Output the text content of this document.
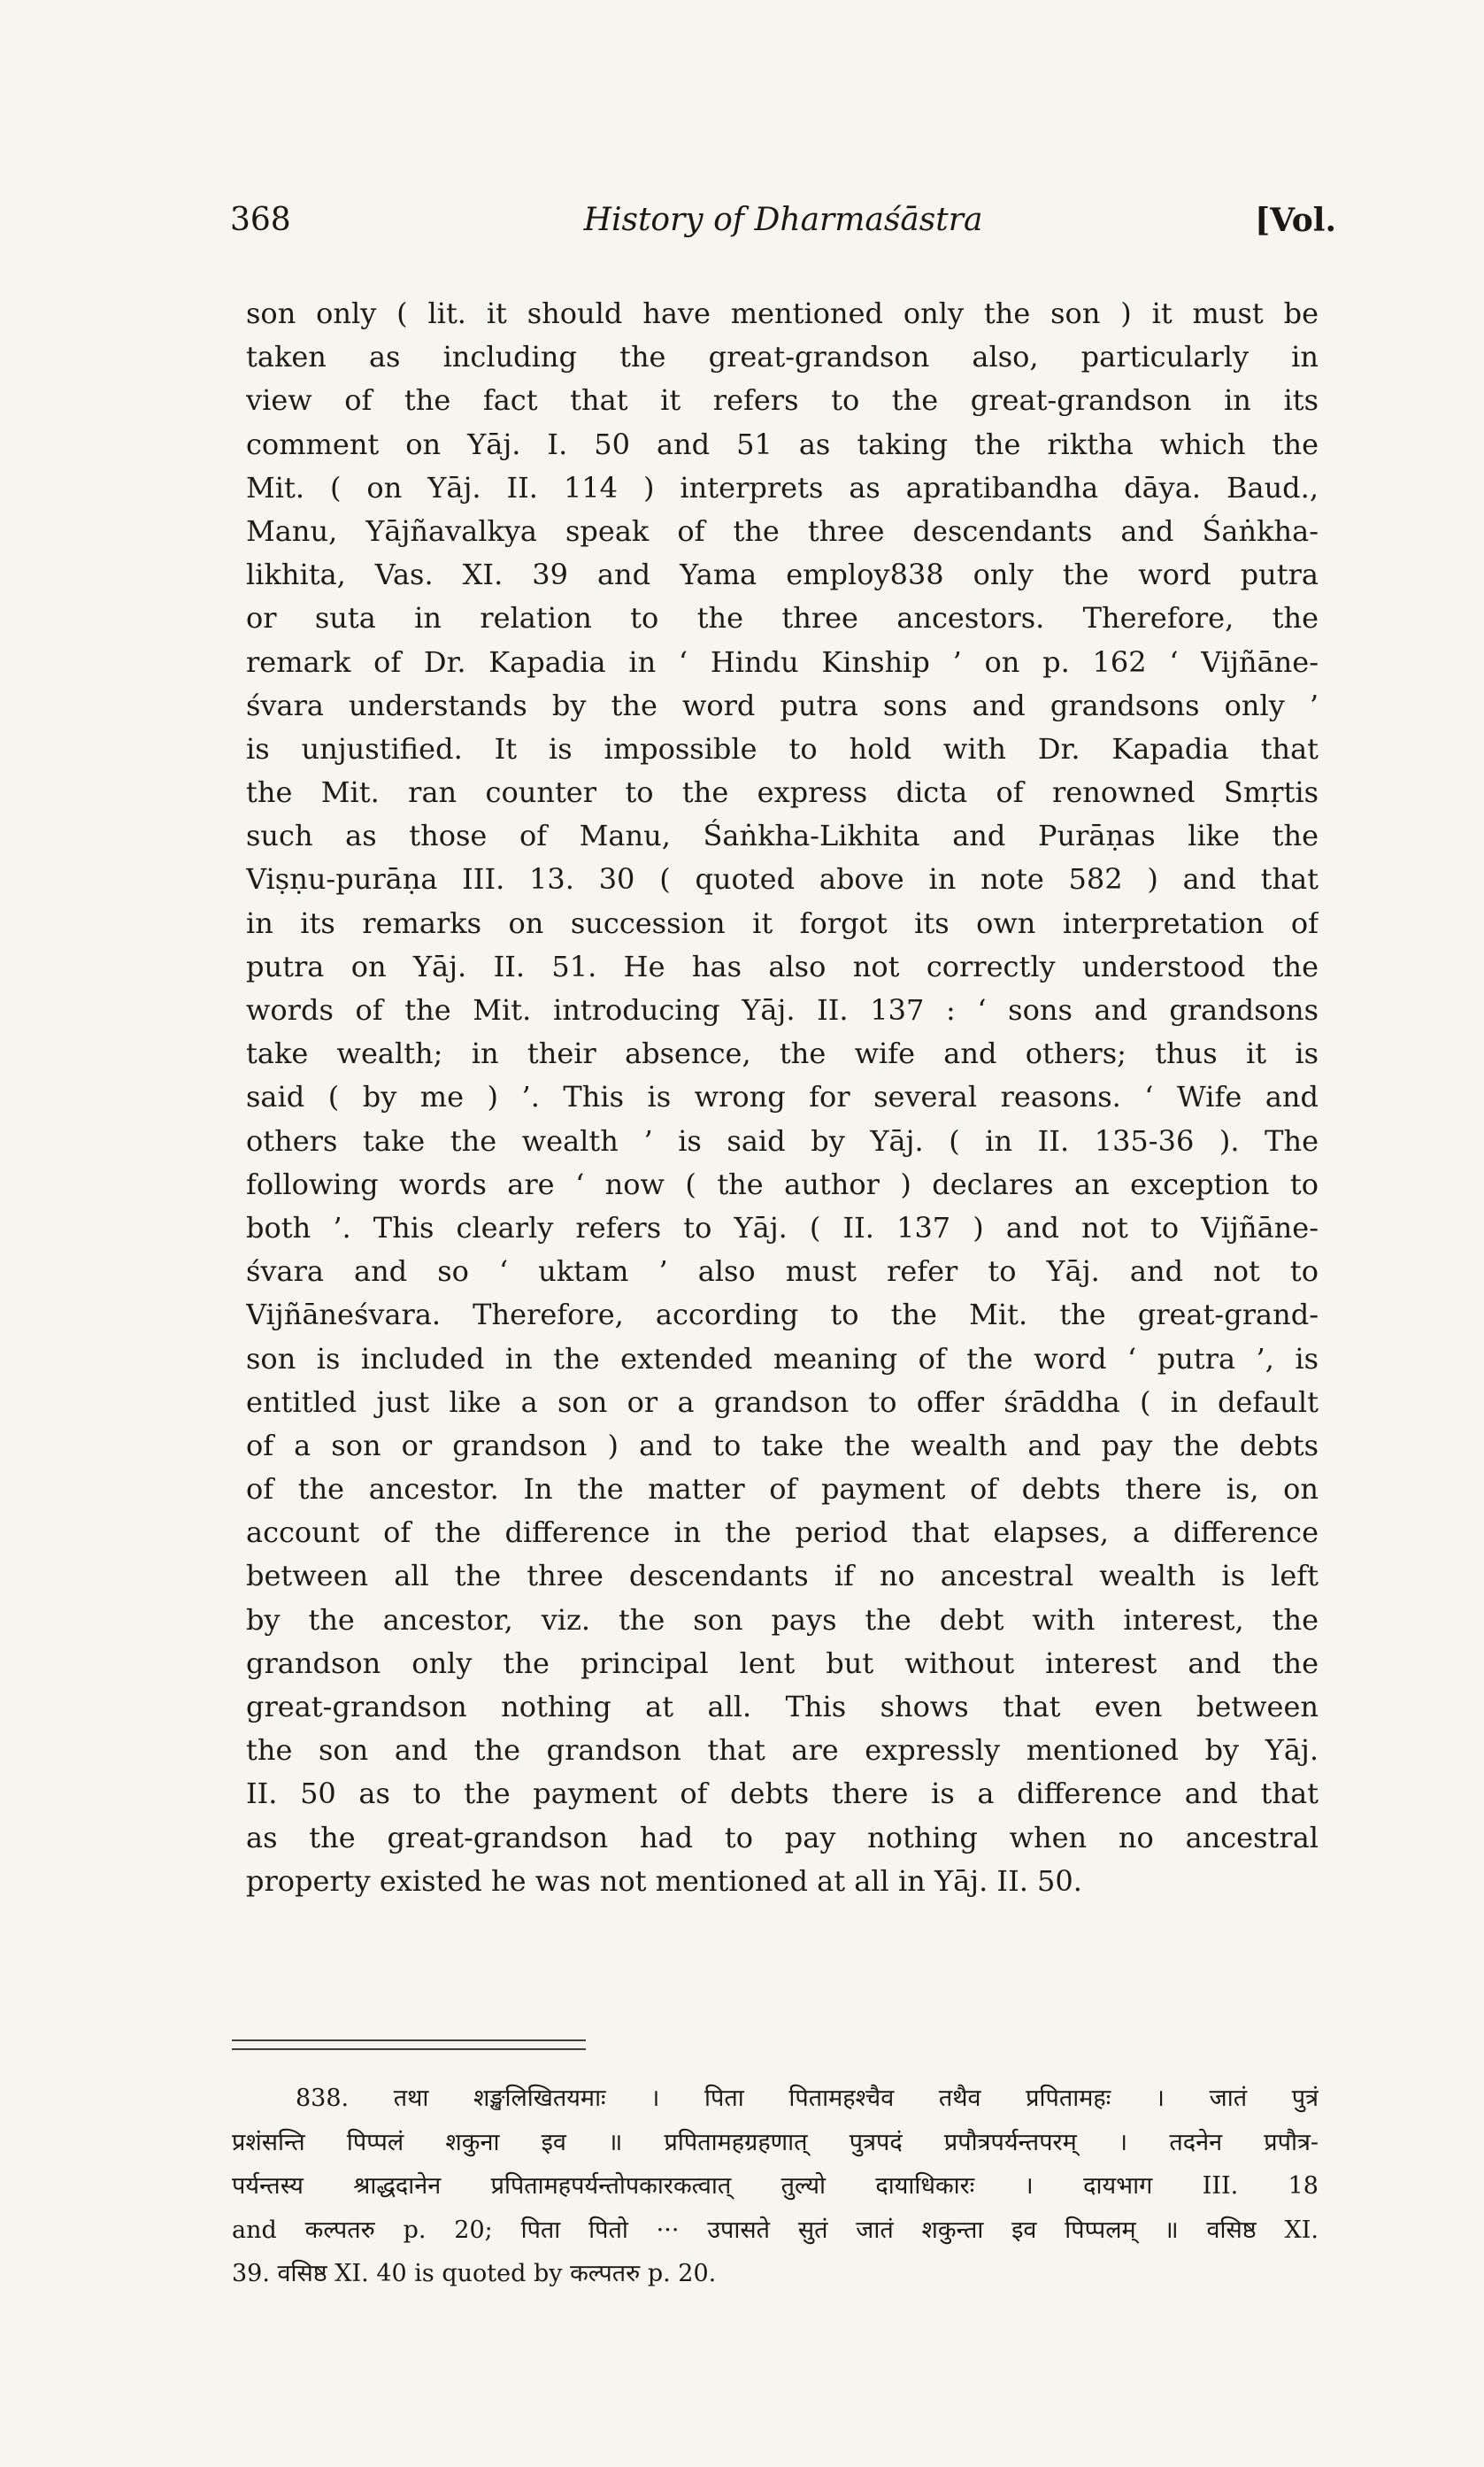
368	History of Dharmaśāstra	[Vol.
son only ( lit. it should have mentioned only the son ) it must be
taken as including the great-grandson also, particularly in
view of the fact that it refers to the great-grandson in its
comment on Yāj. I. 50 and 51 as taking the riktha which the
Mit. ( on Yāj. II. 114 ) interprets as apratibandha dāya. Baud.,
Manu, Yājñavalkya speak of the three descendants and Śaṅkha-
likhita, Vas. XI. 39 and Yama employ838 only the word putra
or suta in relation to the three ancestors. Therefore, the
remark of Dr. Kapadia in ‘ Hindu Kinship ’ on p. 162 ‘ Vijñāne-
śvara understands by the word putra sons and grandsons only ’
is unjustified. It is impossible to hold with Dr. Kapadia that
the Mit. ran counter to the express dicta of renowned Smṛtis
such as those of Manu, Śaṅkha-Likhita and Purāṇas like the
Viṣṇu-purāṇa III. 13. 30 ( quoted above in note 582 ) and that
in its remarks on succession it forgot its own interpretation of
putra on Yāj. II. 51. He has also not correctly understood the
words of the Mit. introducing Yāj. II. 137 : ‘ sons and grandsons
take wealth; in their absence, the wife and others; thus it is
said ( by me ) ’. This is wrong for several reasons. ‘ Wife and
others take the wealth ’ is said by Yāj. ( in II. 135-36 ). The
following words are ‘ now ( the author ) declares an exception to
both ’. This clearly refers to Yāj. ( II. 137 ) and not to Vijñāne-
śvara and so ‘ uktam ’ also must refer to Yāj. and not to
Vijñāneśvara. Therefore, according to the Mit. the great-grand-
son is included in the extended meaning of the word ‘ putra ’, is
entitled just like a son or a grandson to offer śrāddha ( in default
of a son or grandson ) and to take the wealth and pay the debts
of the ancestor. In the matter of payment of debts there is, on
account of the difference in the period that elapses, a difference
between all the three descendants if no ancestral wealth is left
by the ancestor, viz. the son pays the debt with interest, the
grandson only the principal lent but without interest and the
great-grandson nothing at all. This shows that even between
the son and the grandson that are expressly mentioned by Yāj.
II. 50 as to the payment of debts there is a difference and that
as the great-grandson had to pay nothing when no ancestral
property existed he was not mentioned at all in Yāj. II. 50.
838. तथा शङ्खलिखितयमाः । पिता पितामहश्चैव तथैव प्रपितामहः । जातं पुत्रं
प्रशंसन्ति पिप्पलं शकुना इव ॥ प्रपितामहग्रहणात् पुत्रपदं प्रपौत्रपर्यन्तपरम् । तदनेन प्रपौत्र-
पर्यन्तस्य श्राद्धदानेन प्रपितामहपर्यन्तोपकारकत्वात् तुल्यो दायाधिकारः । दायभाग III. 18
and कल्पतरु p. 20; पिता पितो ··· उपासते सुतं जातं शकुन्ता इव पिप्पलम् ॥ वसिष्ठ XI.
39. वसिष्ठ XI. 40 is quoted by कल्पतरु p. 20.
